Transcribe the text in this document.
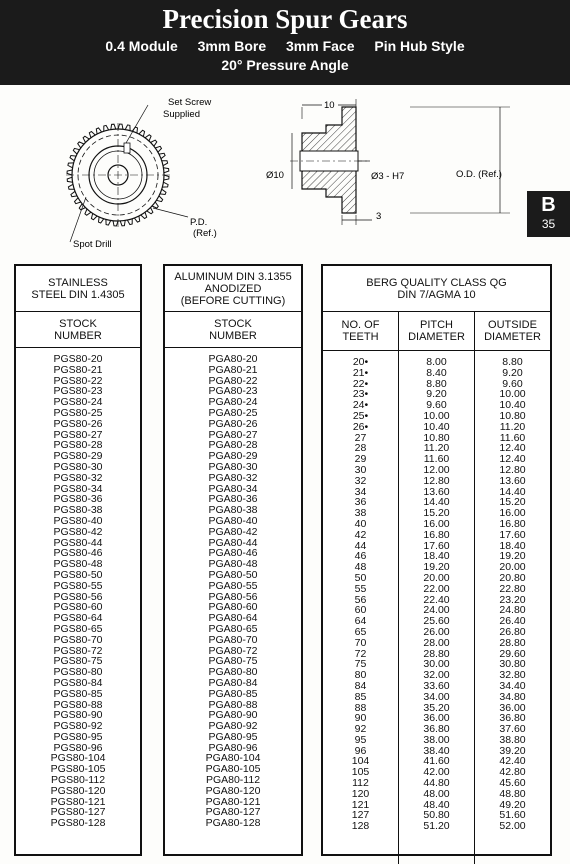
Precision Spur Gears
0.4 Module 3mm Bore 3mm Face Pin Hub Style
20° Pressure Angle
Set Screw
Supplied
P.D.
(Ref.)
Spot Drill
10
Ø10	Ø3 - H7	O.D. (Ref.)
3
B
35
STAINLESS
STEEL DIN 1.4305
STOCK
NUMBER
PGS80-20
PGS80-21
PGS80-22
PGS80-23
PGS80-24
PGS80-25
PGS80-26
PGS80-27
PGS80-28
PGS80-29
PGS80-30
PGS80-32
PGS80-34
PGS80-36
PGS80-38
PGS80-40
PGS80-42
PGS80-44
PGS80-46
PGS80-48
PGS80-50
PGS80-55
PGS80-56
PGS80-60
PGS80-64
PGS80-65
PGS80-70
PGS80-72
PGS80-75
PGS80-80
PGS80-84
PGS80-85
PGS80-88
PGS80-90
PGS80-92
PGS80-95
PGS80-96
PGS80-104
PGS80-105
PGS80-112
PGS80-120
PGS80-121
PGS80-127
PGS80-128
ALUMINUM DIN 3.1355
ANODIZED
(BEFORE CUTTING)
STOCK
NUMBER
PGA80-20
PGA80-21
PGA80-22
PGA80-23
PGA80-24
PGA80-25
PGA80-26
PGA80-27
PGA80-28
PGA80-29
PGA80-30
PGA80-32
PGA80-34
PGA80-36
PGA80-38
PGA80-40
PGA80-42
PGA80-44
PGA80-46
PGA80-48
PGA80-50
PGA80-55
PGA80-56
PGA80-60
PGA80-64
PGA80-65
PGA80-70
PGA80-72
PGA80-75
PGA80-80
PGA80-84
PGA80-85
PGA80-88
PGA80-90
PGA80-92
PGA80-95
PGA80-96
PGA80-104
PGA80-105
PGA80-112
PGA80-120
PGA80-121
PGA80-127
PGA80-128
BERG QUALITY CLASS QG
DIN 7/AGMA 10
NO. OF
TEETH
PITCH
DIAMETER
OUTSIDE
DIAMETER
20•
21•
22•
23•
24•
25•
26•
27
28
29
30
32
34
36
38
40
42
44
46
48
50
55
56
60
64
65
70
72
75
80
84
85
88
90
92
95
96
104
105
112
120
121
127
128
8.00
8.40
8.80
9.20
9.60
10.00
10.40
10.80
11.20
11.60
12.00
12.80
13.60
14.40
15.20
16.00
16.80
17.60
18.40
19.20
20.00
22.00
22.40
24.00
25.60
26.00
28.00
28.80
30.00
32.00
33.60
34.00
35.20
36.00
36.80
38.00
38.40
41.60
42.00
44.80
48.00
48.40
50.80
51.20
8.80
9.20
9.60
10.00
10.40
10.80
11.20
11.60
12.40
12.40
12.80
13.60
14.40
15.20
16.00
16.80
17.60
18.40
19.20
20.00
20.80
22.80
23.20
24.80
26.40
26.80
28.80
29.60
30.80
32.80
34.40
34.80
36.00
36.80
37.60
38.80
39.20
42.40
42.80
45.60
48.80
49.20
51.60
52.00
